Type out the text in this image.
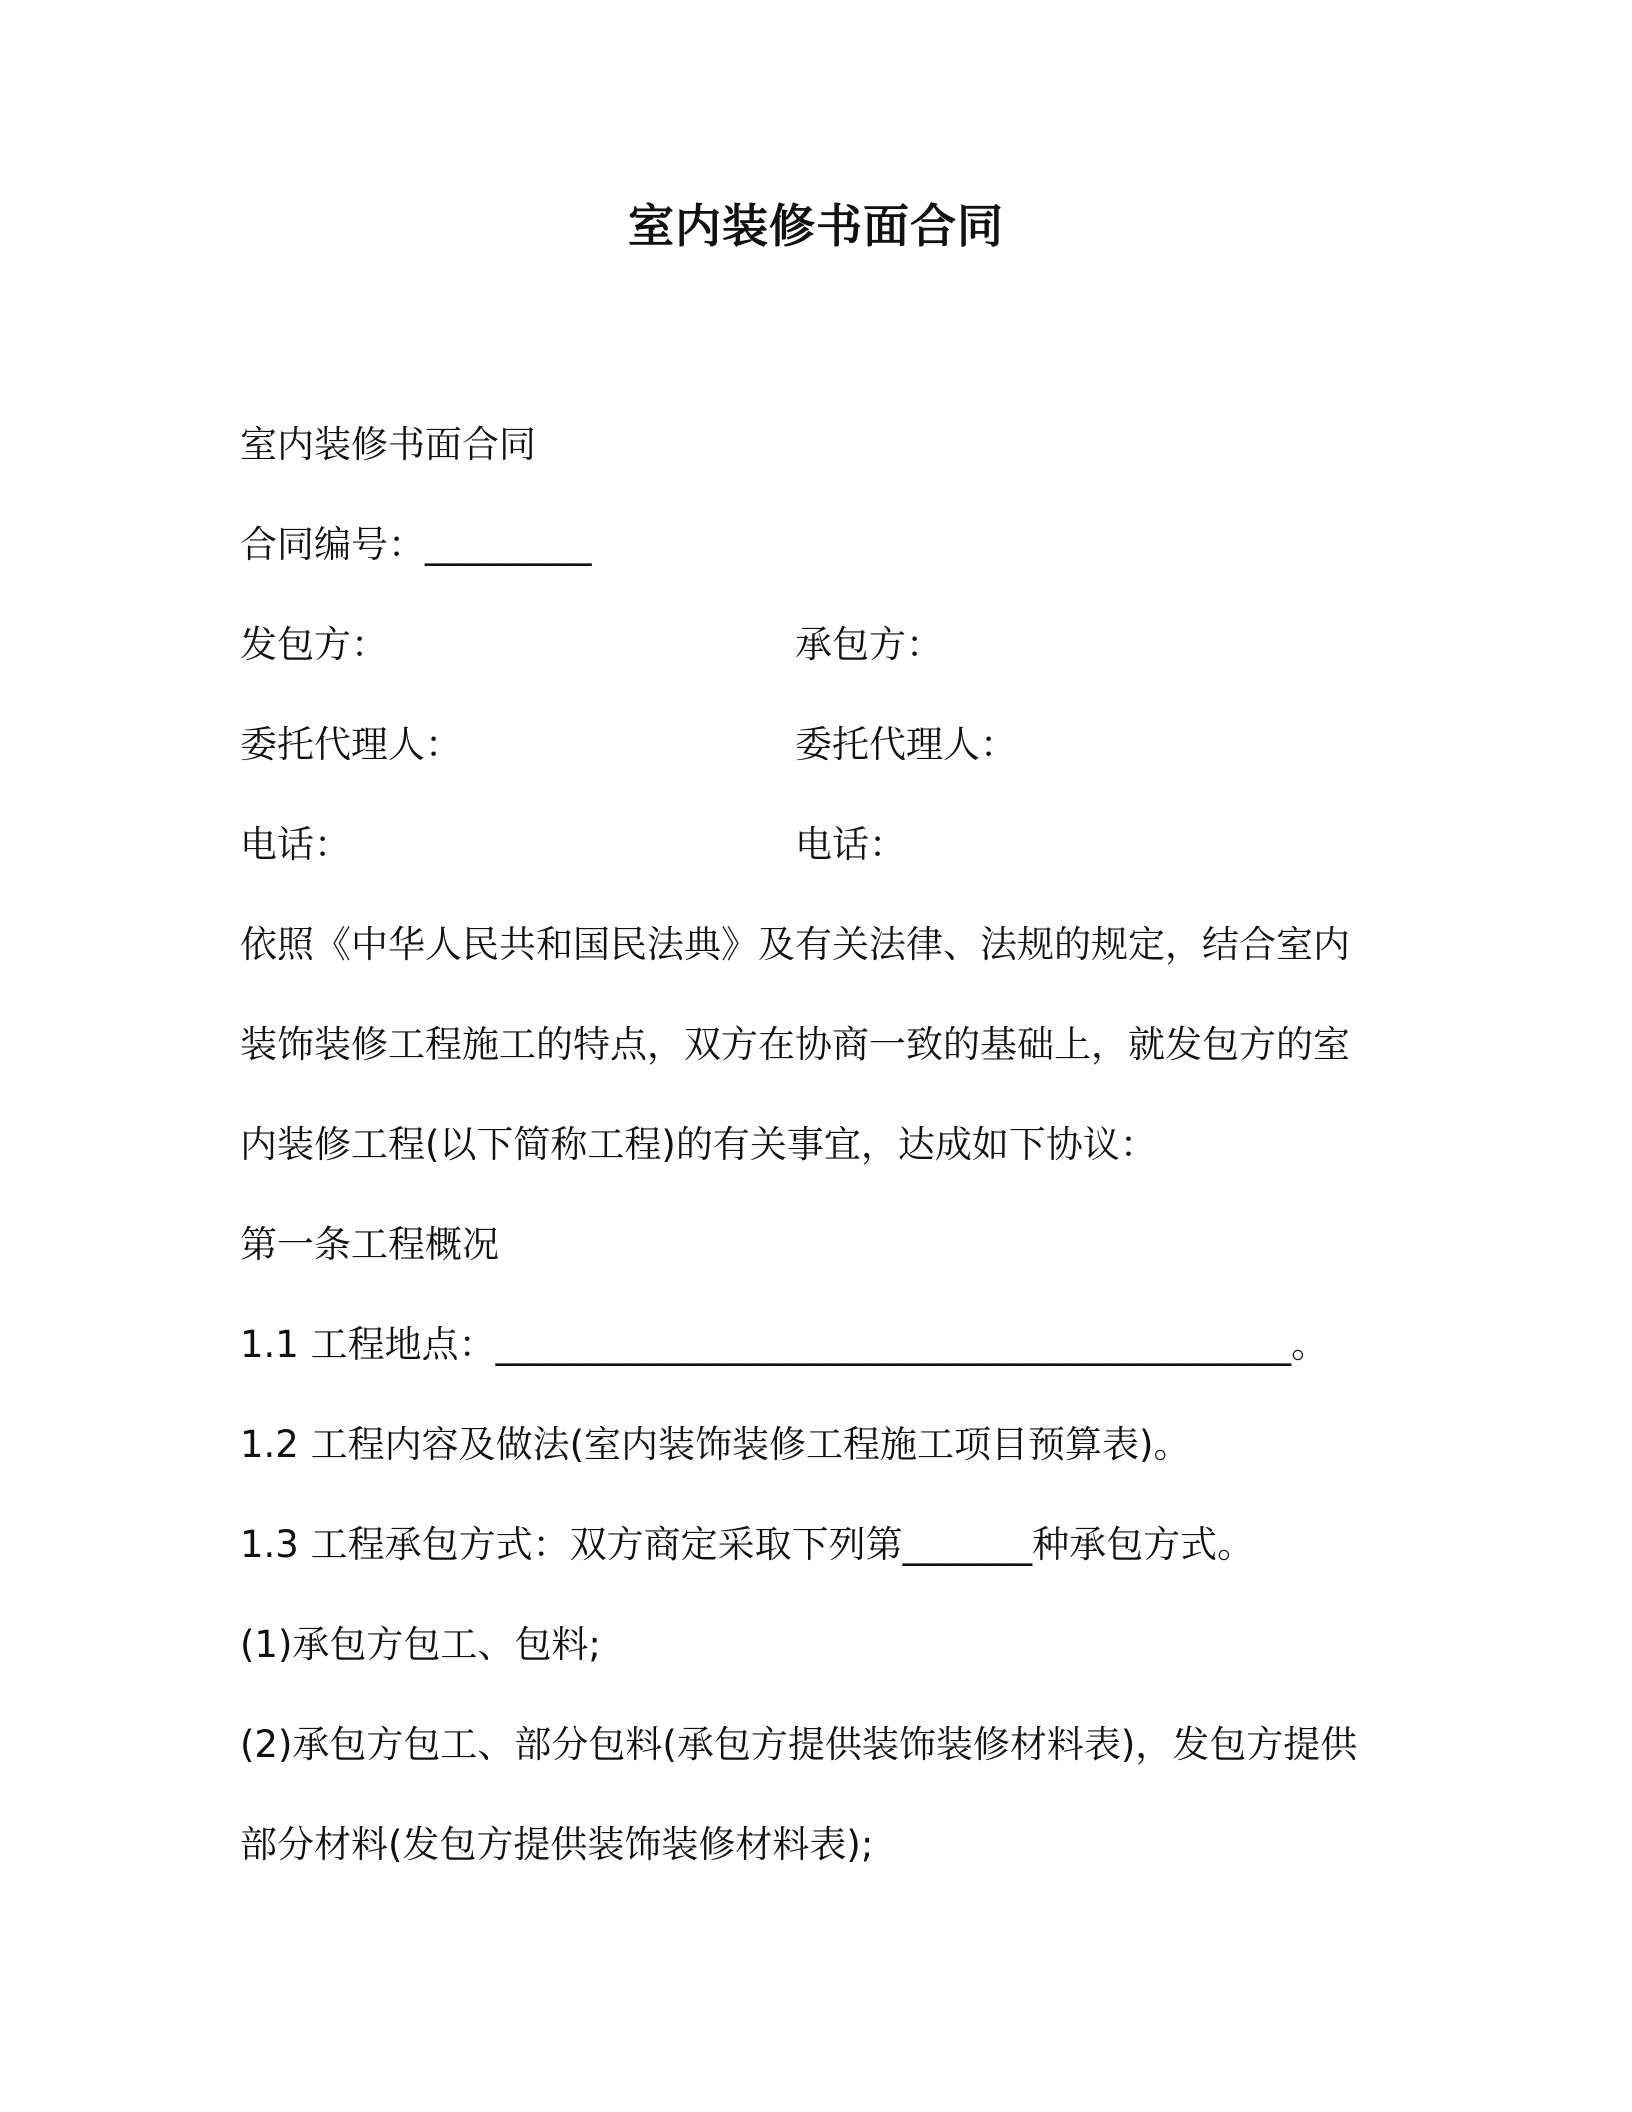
室内装修书面合同
室内装修书面合同
合同编号：_________
发包方：	承包方：
委托代理人：	委托代理人：
电话：	电话：
依照《中华人民共和国民法典》及有关法律、法规的规定，结合室内
装饰装修工程施工的特点，双方在协商一致的基础上，就发包方的室
内装修工程(以下简称工程)的有关事宜，达成如下协议：
第一条工程概况
1.1 工程地点：___________________________________________。
1.2 工程内容及做法(室内装饰装修工程施工项目预算表)。
1.3 工程承包方式：双方商定采取下列第_______种承包方式。
(1)承包方包工、包料;
(2)承包方包工、部分包料(承包方提供装饰装修材料表)，发包方提供
部分材料(发包方提供装饰装修材料表);
